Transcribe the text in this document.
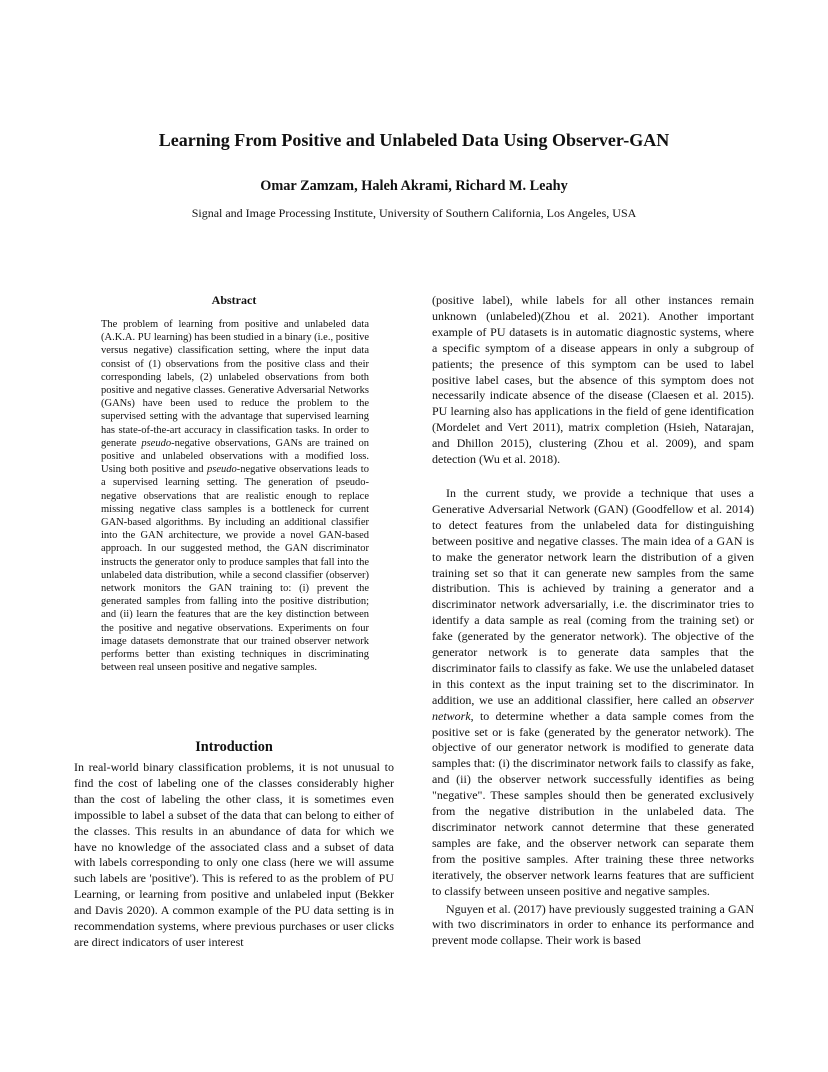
Learning From Positive and Unlabeled Data Using Observer-GAN
Omar Zamzam, Haleh Akrami, Richard M. Leahy
Signal and Image Processing Institute, University of Southern California, Los Angeles, USA
Abstract
The problem of learning from positive and unlabeled data (A.K.A. PU learning) has been studied in a binary (i.e., positive versus negative) classification setting, where the input data consist of (1) observations from the positive class and their corresponding labels, (2) unlabeled observations from both positive and negative classes. Generative Adversarial Networks (GANs) have been used to reduce the problem to the supervised setting with the advantage that supervised learning has state-of-the-art accuracy in classification tasks. In order to generate pseudo-negative observations, GANs are trained on positive and unlabeled observations with a modified loss. Using both positive and pseudo-negative observations leads to a supervised learning setting. The generation of pseudo-negative observations that are realistic enough to replace missing negative class samples is a bottleneck for current GAN-based algorithms. By including an additional classifier into the GAN architecture, we provide a novel GAN-based approach. In our suggested method, the GAN discriminator instructs the generator only to produce samples that fall into the unlabeled data distribution, while a second classifier (observer) network monitors the GAN training to: (i) prevent the generated samples from falling into the positive distribution; and (ii) learn the features that are the key distinction between the positive and negative observations. Experiments on four image datasets demonstrate that our trained observer network performs better than existing techniques in discriminating between real unseen positive and negative samples.
Introduction

In real-world binary classification problems, it is not unusual to find the cost of labeling one of the classes considerably higher than the cost of labeling the other class, it is sometimes even impossible to label a subset of the data that can belong to either of the classes. This results in an abundance of data for which we have no knowledge of the associated class and a subset of data with labels corresponding to only one class (here we will assume such labels are 'positive'). This is refered to as the problem of PU Learning, or learning from positive and unlabeled input (Bekker and Davis 2020). A common example of the PU data setting is in recommendation systems, where previous purchases or user clicks are direct indicators of user interest

(positive label), while labels for all other instances remain unknown (unlabeled)(Zhou et al. 2021). Another important example of PU datasets is in automatic diagnostic systems, where a specific symptom of a disease appears in only a subgroup of patients; the presence of this symptom can be used to label positive label cases, but the absence of this symptom does not necessarily indicate absence of the disease (Claesen et al. 2015). PU learning also has applications in the field of gene identification (Mordelet and Vert 2011), matrix completion (Hsieh, Natarajan, and Dhillon 2015), clustering (Zhou et al. 2009), and spam detection (Wu et al. 2018).

In the current study, we provide a technique that uses a Generative Adversarial Network (GAN) (Goodfellow et al. 2014) to detect features from the unlabeled data for distinguishing between positive and negative classes. The main idea of a GAN is to make the generator network learn the distribution of a given training set so that it can generate new samples from the same distribution. This is achieved by training a generator and a discriminator network adversarially, i.e. the discriminator tries to identify a data sample as real (coming from the training set) or fake (generated by the generator network). The objective of the generator network is to generate data samples that the discriminator fails to classify as fake. We use the unlabeled dataset in this context as the input training set to the discriminator. In addition, we use an additional classifier, here called an observer network, to determine whether a data sample comes from the positive set or is fake (generated by the generator network). The objective of our generator network is modified to generate data samples that: (i) the discriminator network fails to classify as fake, and (ii) the observer network successfully identifies as being "negative". These samples should then be generated exclusively from the negative distribution in the unlabeled data. The discriminator network cannot determine that these generated samples are fake, and the observer network can separate them from the positive samples. After training these three networks iteratively, the observer network learns features that are sufficient to classify between unseen positive and negative samples.

Nguyen et al. (2017) have previously suggested training a GAN with two discriminators in order to enhance its performance and prevent mode collapse. Their work is based
